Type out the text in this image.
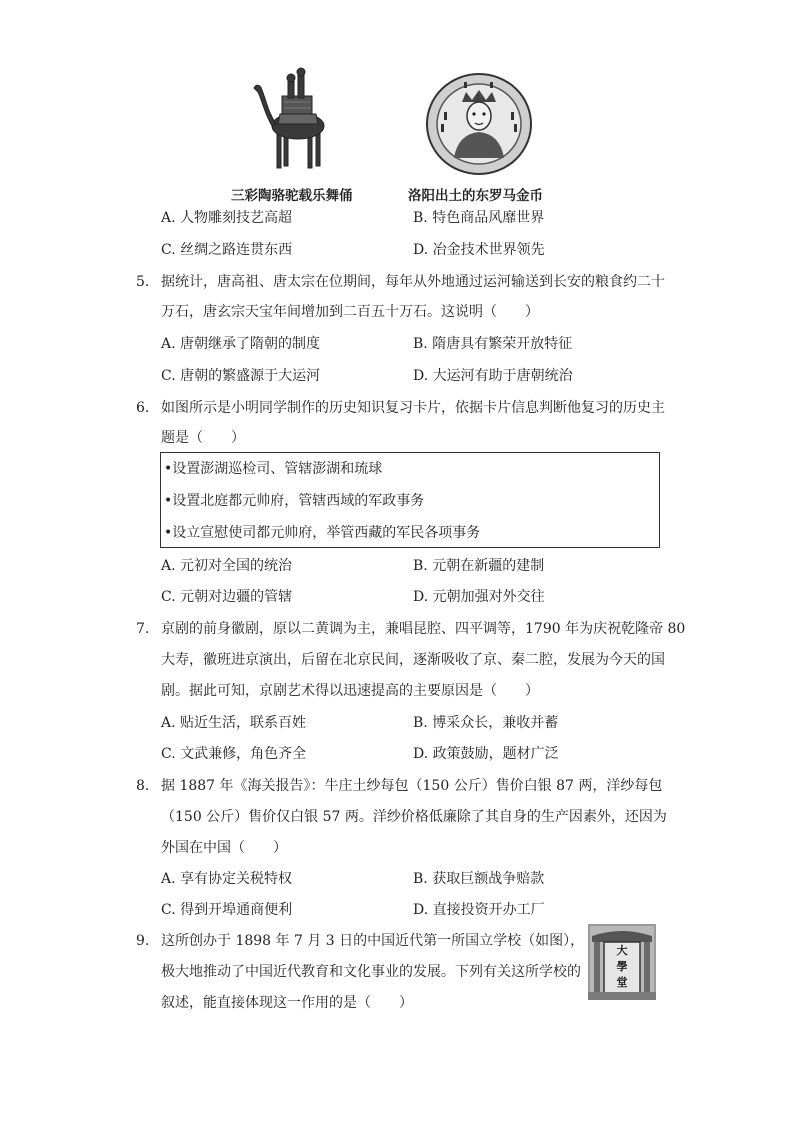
三彩陶骆驼载乐舞俑	洛阳出土的东罗马金币
A. 人物雕刻技艺高超	B. 特色商品风靡世界
C. 丝绸之路连贯东西	D. 冶金技术世界领先
5. 据统计，唐高祖、唐太宗在位期间，每年从外地通过运河输送到长安的粮食约二十
万石，唐玄宗天宝年间增加到二百五十万石。这说明（　　）
A. 唐朝继承了隋朝的制度	B. 隋唐具有繁荣开放特征
C. 唐朝的繁盛源于大运河	D. 大运河有助于唐朝统治
6. 如图所示是小明同学制作的历史知识复习卡片，依据卡片信息判断他复习的历史主
题是（　　）
•设置澎湖巡检司、管辖澎湖和琉球
•设置北庭都元帅府，管辖西域的军政事务
•设立宣慰使司都元帅府，举管西藏的军民各项事务
A. 元初对全国的统治	B. 元朝在新疆的建制
C. 元朝对边疆的管辖	D. 元朝加强对外交往
7. 京剧的前身徽剧，原以二黄调为主，兼唱昆腔、四平调等，1790 年为庆祝乾隆帝 80
大寿，徽班进京演出，后留在北京民间，逐渐吸收了京、秦二腔，发展为今天的国
剧。据此可知，京剧艺术得以迅速提高的主要原因是（　　）
A. 贴近生活，联系百姓	B. 博采众长，兼收并蓄
C. 文武兼修，角色齐全	D. 政策鼓励，题材广泛
8. 据 1887 年《海关报告》：牛庄土纱每包（150 公斤）售价白银 87 两，洋纱每包
（150 公斤）售价仅白银 57 两。洋纱价格低廉除了其自身的生产因素外，还因为
外国在中国（　　）
A. 享有协定关税特权	B. 获取巨额战争赔款
C. 得到开埠通商便利	D. 直接投资开办工厂
9. 这所创办于 1898 年 7 月 3 日的中国近代第一所国立学校（如图），
极大地推动了中国近代教育和文化事业的发展。下列有关这所学校的
叙述，能直接体现这一作用的是（　　）
大
學
堂
